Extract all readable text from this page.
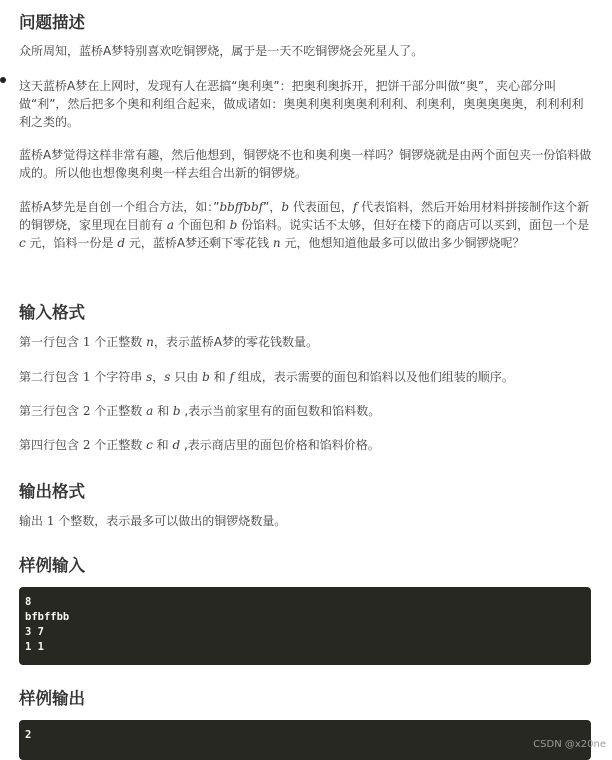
问题描述

众所周知，蓝桥A梦特别喜欢吃铜锣烧，属于是一天不吃铜锣烧会死星人了。

这天蓝桥A梦在上网时，发现有人在恶搞“奥利奥”：把奥利奥拆开，把饼干部分叫做“奥”，夹心部分叫做“利”，然后把多个奥和利组合起来，做成诸如：奥奥利奥利奥奥利利利、利奥利，奥奥奥奥奥，利利利利利之类的。

蓝桥A梦觉得这样非常有趣，然后他想到，铜锣烧不也和奥利奥一样吗？铜锣烧就是由两个面包夹一份馅料做成的。所以他也想像奥利奥一样去组合出新的铜锣烧。

蓝桥A梦先是自创一个组合方法，如：”bbffbbf”，b 代表面包，f 代表馅料，然后开始用材料拼接制作这个新的铜锣烧，家里现在目前有 a 个面包和 b 份馅料。说实话不太够，但好在楼下的商店可以买到，面包一个是 c 元，馅料一份是 d 元，蓝桥A梦还剩下零花钱 n 元，他想知道他最多可以做出多少铜锣烧呢？

输入格式

第一行包含 1 个正整数 n，表示蓝桥A梦的零花钱数量。

第二行包含 1 个字符串 s，s 只由 b 和 f 组成，表示需要的面包和馅料以及他们组装的顺序。

第三行包含 2 个正整数 a 和 b ,表示当前家里有的面包数和馅料数。

第四行包含 2 个正整数 c 和 d ,表示商店里的面包价格和馅料价格。

输出格式

输出 1 个整数，表示最多可以做出的铜锣烧数量。

样例输入
8
bfbffbb
3 7
1 1
样例输出
2
CSDN @x20ne
